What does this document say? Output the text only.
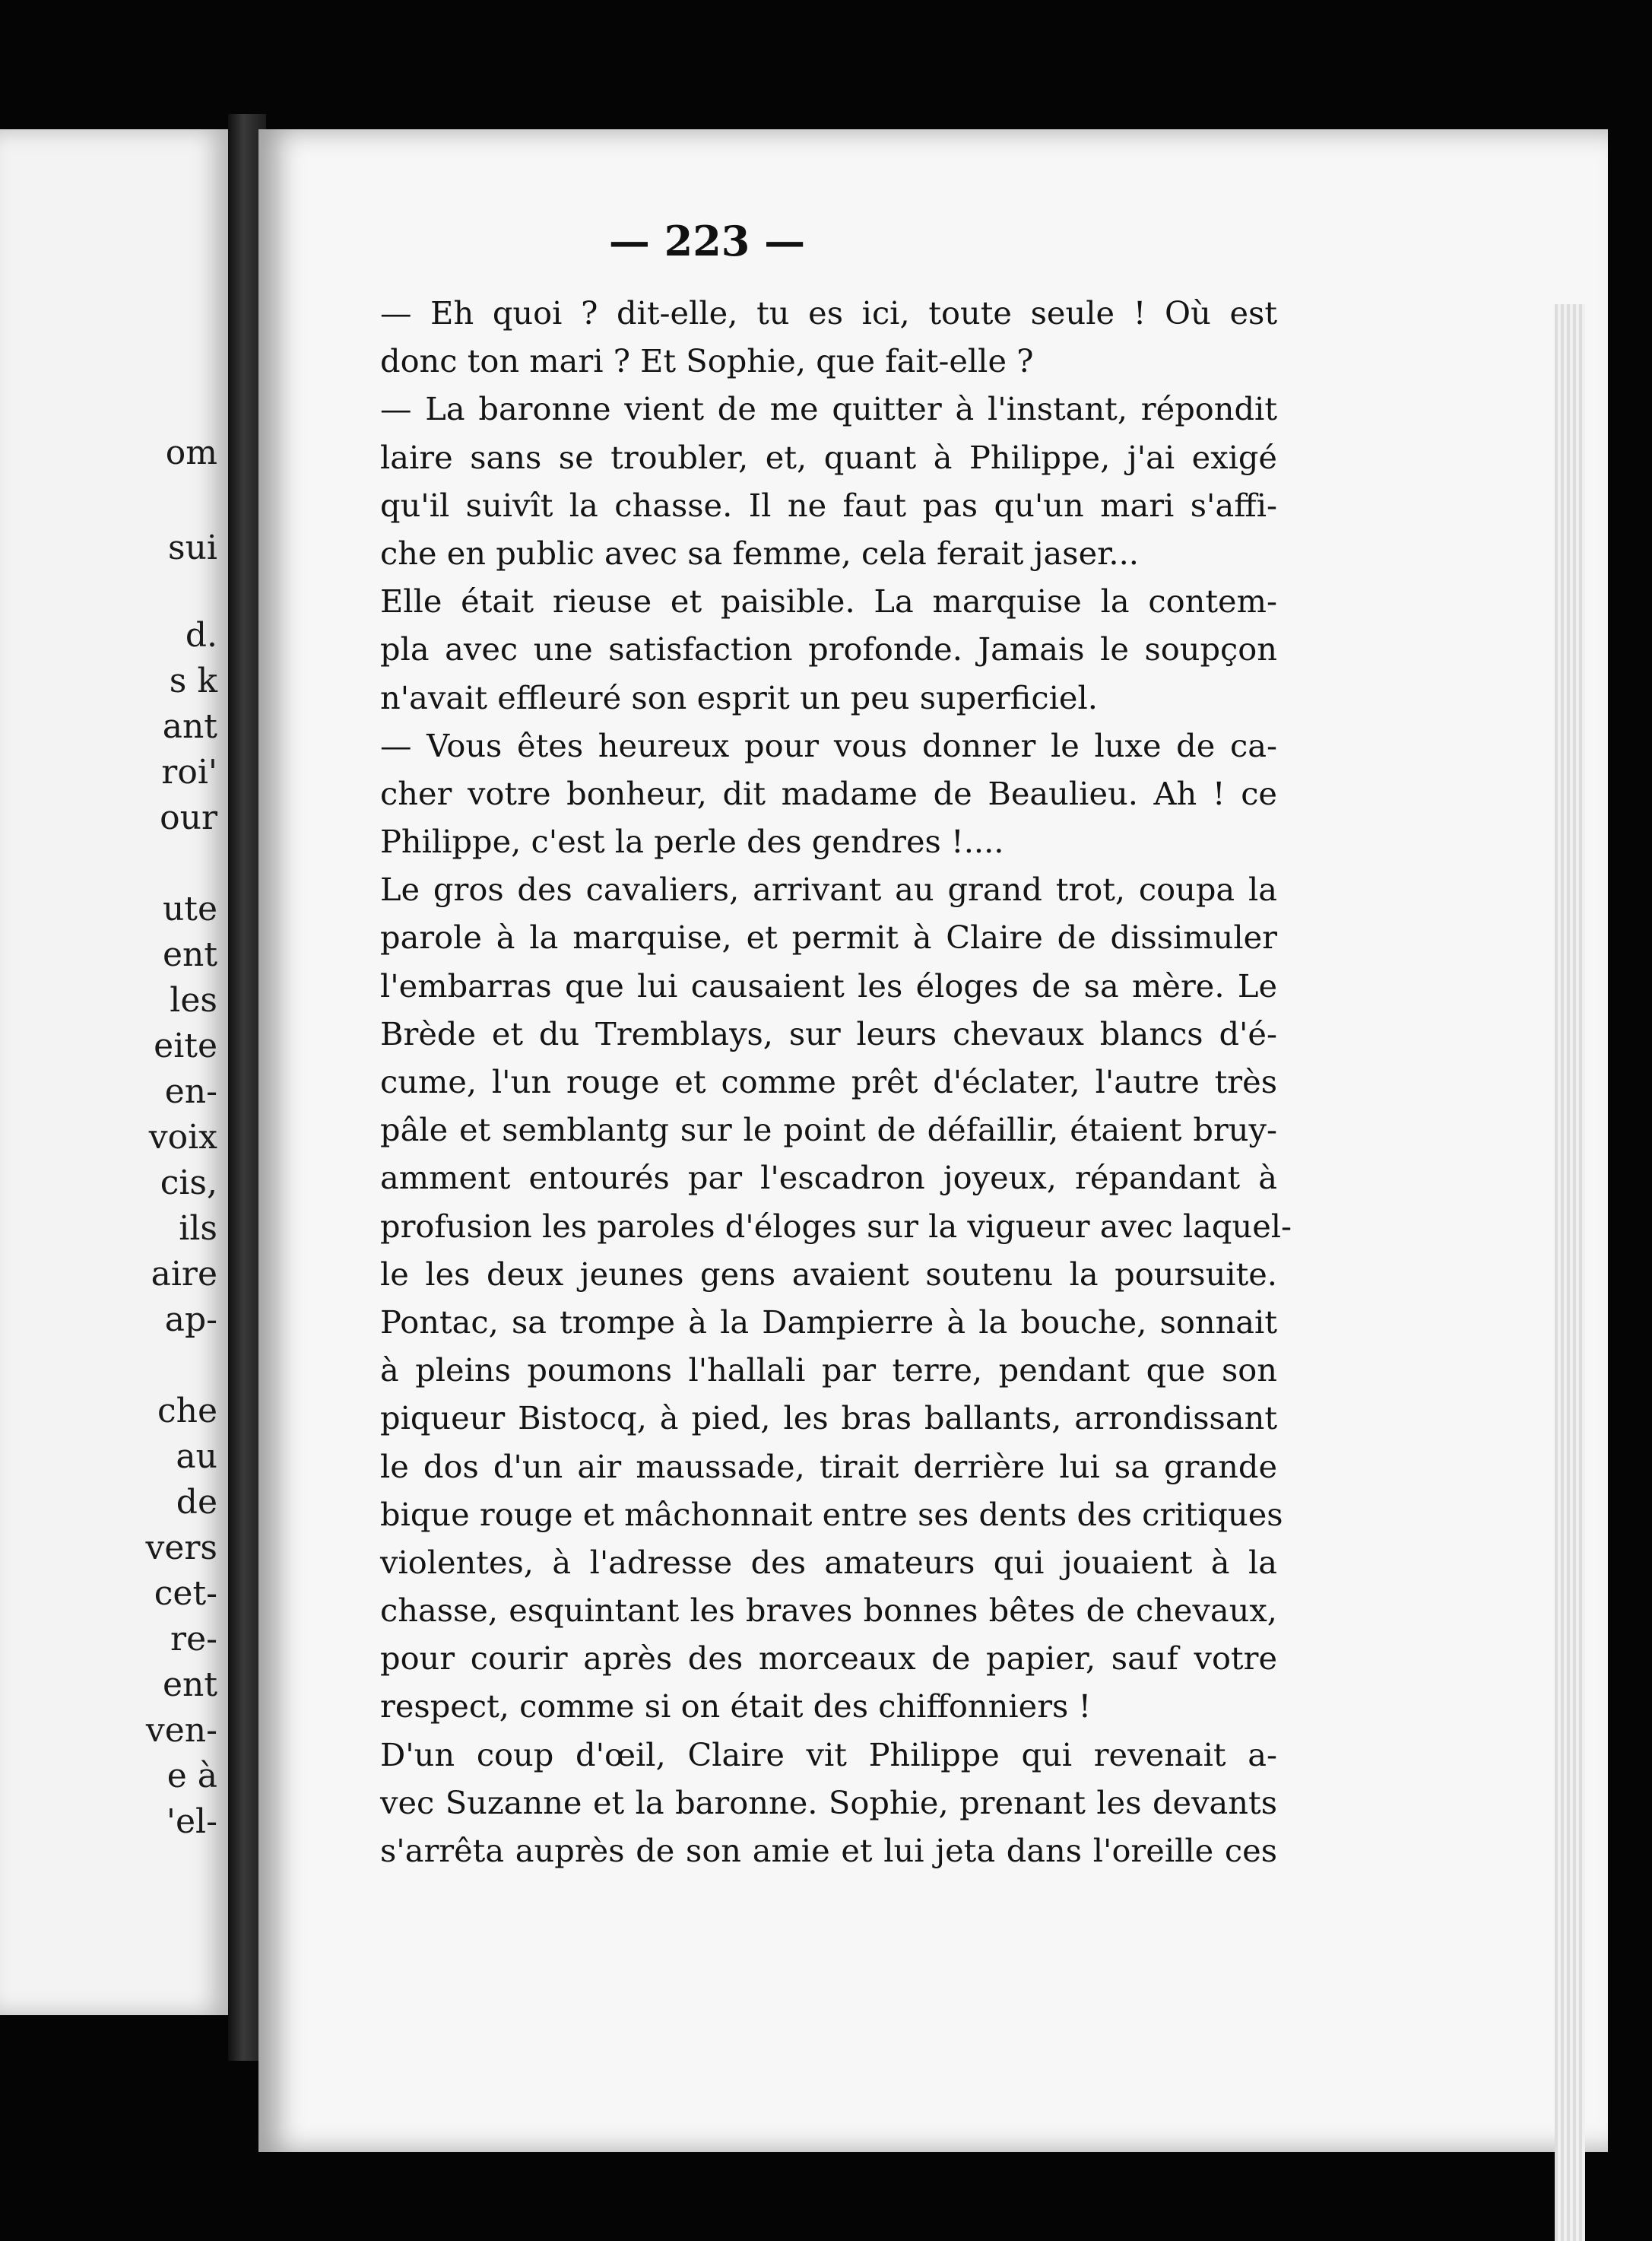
om
sui
d.
s k
ant
roi'
our
ute
ent
les
eite
en-
voix
cis,
ils
aire
ap-
che
au
de
vers
cet-
re-
ent
ven-
e à
'el-
— 223 —
— Eh quoi ? dit-elle, tu es ici, toute seule ! Où est
donc ton mari ? Et Sophie, que fait-elle ?
— La baronne vient de me quitter à l'instant, répondit
laire sans se troubler, et, quant à Philippe, j'ai exigé
qu'il suivît la chasse. Il ne faut pas qu'un mari s'affi-
che en public avec sa femme, cela ferait jaser...
Elle était rieuse et paisible. La marquise la contem-
pla avec une satisfaction profonde. Jamais le soupçon
n'avait effleuré son esprit un peu superficiel.
— Vous êtes heureux pour vous donner le luxe de ca-
cher votre bonheur, dit madame de Beaulieu. Ah ! ce
Philippe, c'est la perle des gendres !....
Le gros des cavaliers, arrivant au grand trot, coupa la
parole à la marquise, et permit à Claire de dissimuler
l'embarras que lui causaient les éloges de sa mère. Le
Brède et du Tremblays, sur leurs chevaux blancs d'é-
cume, l'un rouge et comme prêt d'éclater, l'autre très
pâle et semblantg sur le point de défaillir, étaient bruy-
amment entourés par l'escadron joyeux, répandant à
profusion les paroles d'éloges sur la vigueur avec laquel-
le les deux jeunes gens avaient soutenu la poursuite.
Pontac, sa trompe à la Dampierre à la bouche, sonnait
à pleins poumons l'hallali par terre, pendant que son
piqueur Bistocq, à pied, les bras ballants, arrondissant
le dos d'un air maussade, tirait derrière lui sa grande
bique rouge et mâchonnait entre ses dents des critiques
violentes, à l'adresse des amateurs qui jouaient à la
chasse, esquintant les braves bonnes bêtes de chevaux,
pour courir après des morceaux de papier, sauf votre
respect, comme si on était des chiffonniers !
D'un coup d'œil, Claire vit Philippe qui revenait a-
vec Suzanne et la baronne. Sophie, prenant les devants
s'arrêta auprès de son amie et lui jeta dans l'oreille ces
